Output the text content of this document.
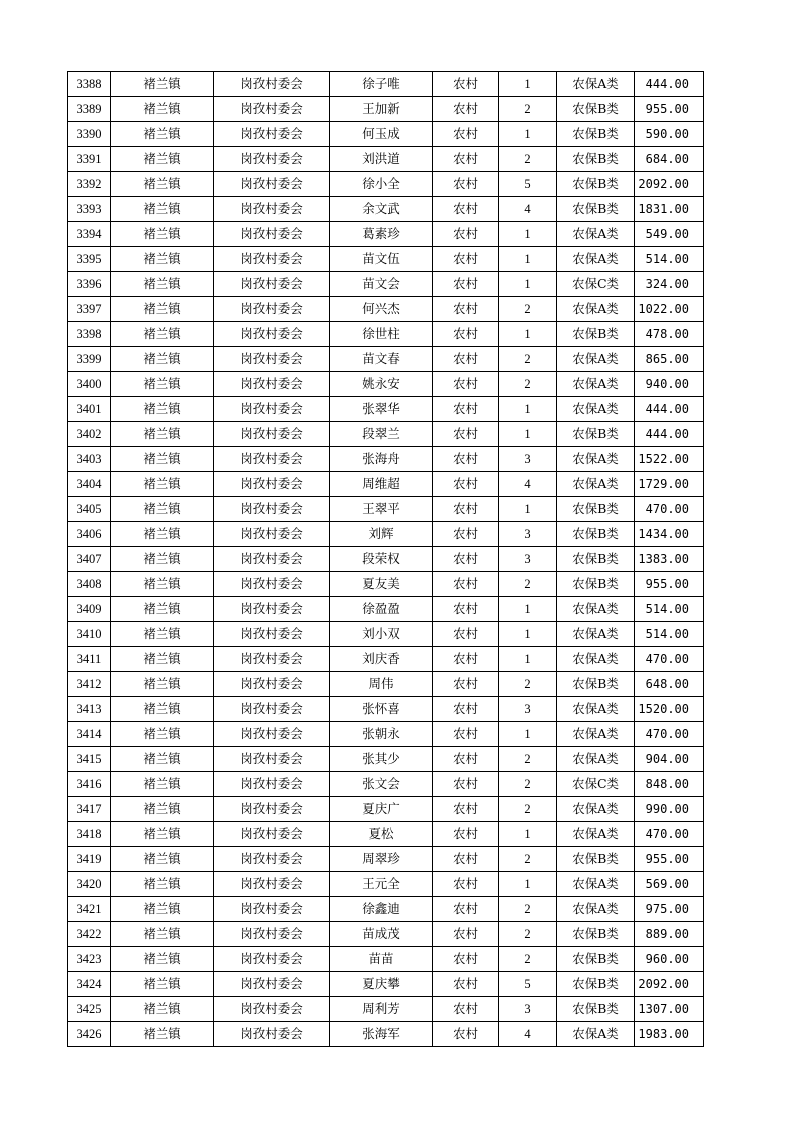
3388	褚兰镇	岗孜村委会	徐子唯	农村	1	农保A类	444.00
3389	褚兰镇	岗孜村委会	王加新	农村	2	农保B类	955.00
3390	褚兰镇	岗孜村委会	何玉成	农村	1	农保B类	590.00
3391	褚兰镇	岗孜村委会	刘洪道	农村	2	农保B类	684.00
3392	褚兰镇	岗孜村委会	徐小全	农村	5	农保B类	2092.00
3393	褚兰镇	岗孜村委会	余文武	农村	4	农保B类	1831.00
3394	褚兰镇	岗孜村委会	葛素珍	农村	1	农保A类	549.00
3395	褚兰镇	岗孜村委会	苗文伍	农村	1	农保A类	514.00
3396	褚兰镇	岗孜村委会	苗文会	农村	1	农保C类	324.00
3397	褚兰镇	岗孜村委会	何兴杰	农村	2	农保A类	1022.00
3398	褚兰镇	岗孜村委会	徐世柱	农村	1	农保B类	478.00
3399	褚兰镇	岗孜村委会	苗文春	农村	2	农保A类	865.00
3400	褚兰镇	岗孜村委会	姚永安	农村	2	农保A类	940.00
3401	褚兰镇	岗孜村委会	张翠华	农村	1	农保A类	444.00
3402	褚兰镇	岗孜村委会	段翠兰	农村	1	农保B类	444.00
3403	褚兰镇	岗孜村委会	张海舟	农村	3	农保A类	1522.00
3404	褚兰镇	岗孜村委会	周维超	农村	4	农保A类	1729.00
3405	褚兰镇	岗孜村委会	王翠平	农村	1	农保B类	470.00
3406	褚兰镇	岗孜村委会	刘辉	农村	3	农保B类	1434.00
3407	褚兰镇	岗孜村委会	段荣权	农村	3	农保B类	1383.00
3408	褚兰镇	岗孜村委会	夏友美	农村	2	农保B类	955.00
3409	褚兰镇	岗孜村委会	徐盈盈	农村	1	农保A类	514.00
3410	褚兰镇	岗孜村委会	刘小双	农村	1	农保A类	514.00
3411	褚兰镇	岗孜村委会	刘庆香	农村	1	农保A类	470.00
3412	褚兰镇	岗孜村委会	周伟	农村	2	农保B类	648.00
3413	褚兰镇	岗孜村委会	张怀喜	农村	3	农保A类	1520.00
3414	褚兰镇	岗孜村委会	张朝永	农村	1	农保A类	470.00
3415	褚兰镇	岗孜村委会	张其少	农村	2	农保A类	904.00
3416	褚兰镇	岗孜村委会	张文会	农村	2	农保C类	848.00
3417	褚兰镇	岗孜村委会	夏庆广	农村	2	农保A类	990.00
3418	褚兰镇	岗孜村委会	夏松	农村	1	农保A类	470.00
3419	褚兰镇	岗孜村委会	周翠珍	农村	2	农保B类	955.00
3420	褚兰镇	岗孜村委会	王元全	农村	1	农保A类	569.00
3421	褚兰镇	岗孜村委会	徐鑫迪	农村	2	农保A类	975.00
3422	褚兰镇	岗孜村委会	苗成茂	农村	2	农保B类	889.00
3423	褚兰镇	岗孜村委会	苗苗	农村	2	农保B类	960.00
3424	褚兰镇	岗孜村委会	夏庆攀	农村	5	农保B类	2092.00
3425	褚兰镇	岗孜村委会	周利芳	农村	3	农保B类	1307.00
3426	褚兰镇	岗孜村委会	张海军	农村	4	农保A类	1983.00
